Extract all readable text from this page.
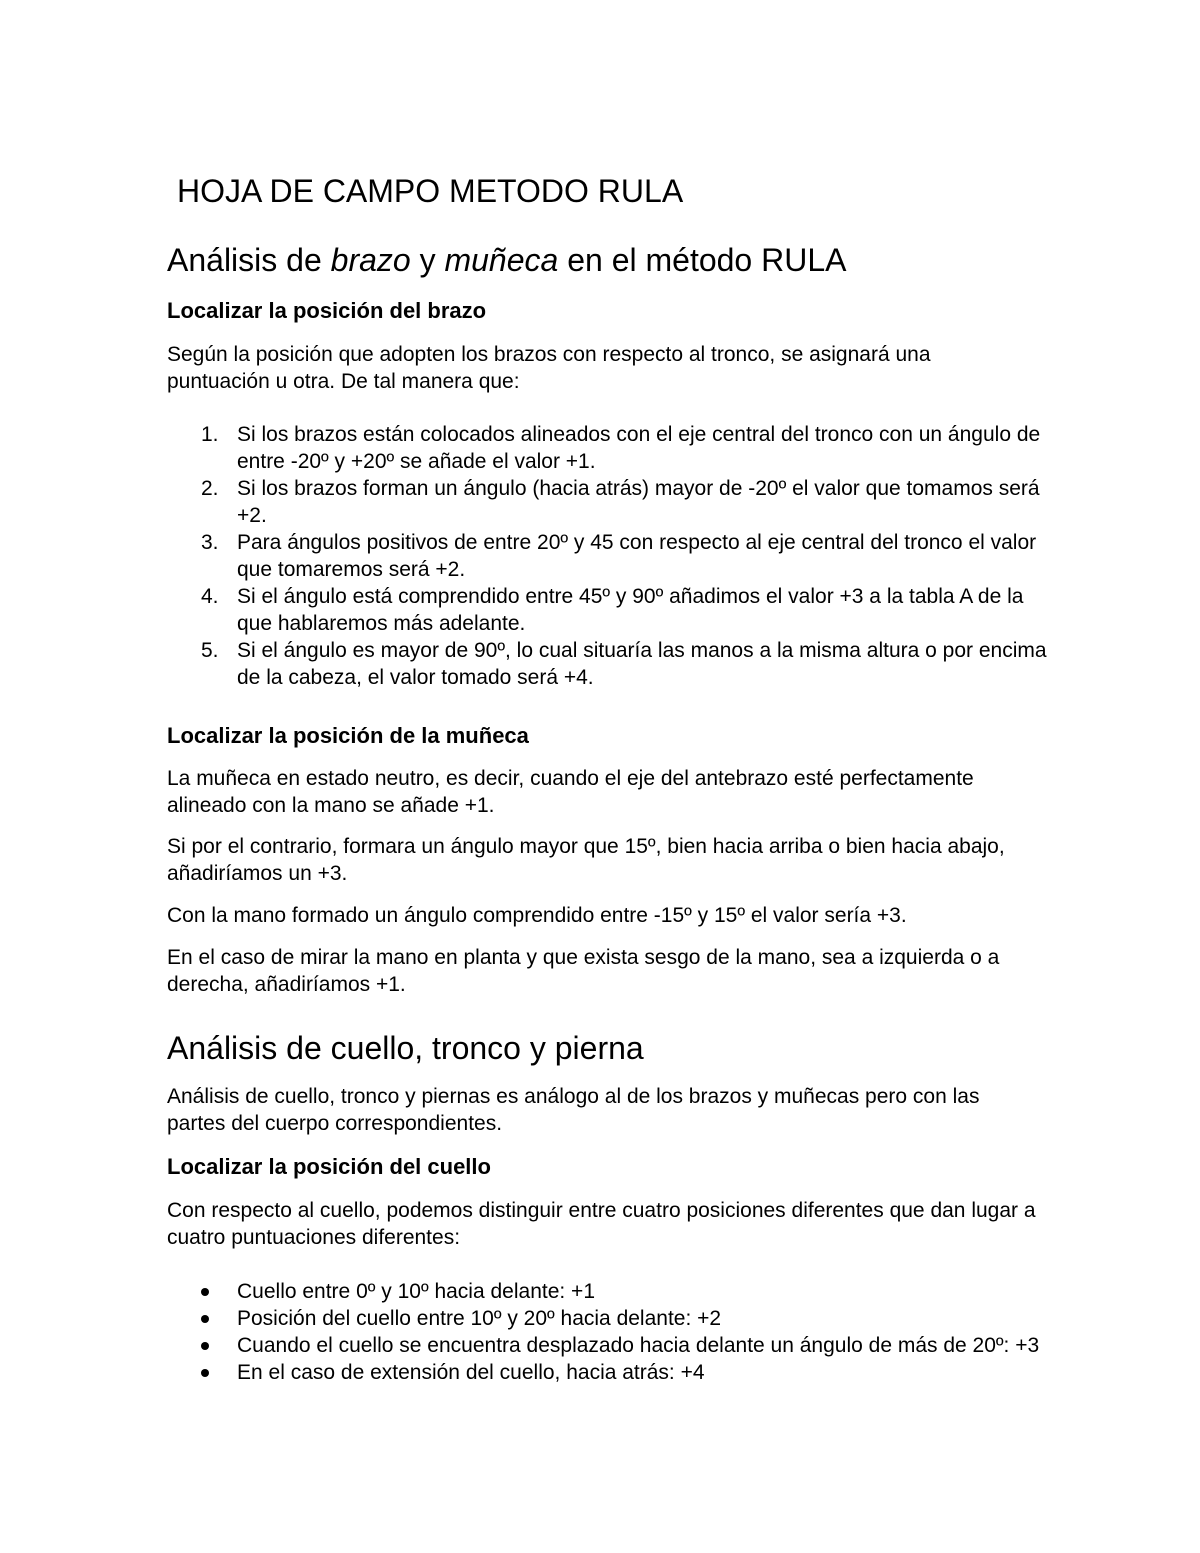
HOJA DE CAMPO METODO RULA
Análisis de brazo y muñeca en el método RULA
Localizar la posición del brazo

Según la posición que adopten los brazos con respecto al tronco, se asignará una puntuación u otra. De tal manera que:

1. Si los brazos están colocados alineados con el eje central del tronco con un ángulo de entre -20º y +20º se añade el valor +1.
2. Si los brazos forman un ángulo (hacia atrás) mayor de -20º el valor que tomamos será +2.
3. Para ángulos positivos de entre 20º y 45 con respecto al eje central del tronco el valor que tomaremos será +2.
4. Si el ángulo está comprendido entre 45º y 90º añadimos el valor +3 a la tabla A de la que hablaremos más adelante.
5. Si el ángulo es mayor de 90º, lo cual situaría las manos a la misma altura o por encima de la cabeza, el valor tomado será +4.
Localizar la posición de la muñeca

La muñeca en estado neutro, es decir, cuando el eje del antebrazo esté perfectamente alineado con la mano se añade +1.

Si por el contrario, formara un ángulo mayor que 15º, bien hacia arriba o bien hacia abajo, añadiríamos un +3.

Con la mano formado un ángulo comprendido entre -15º y 15º el valor sería +3.

En el caso de mirar la mano en planta y que exista sesgo de la mano, sea a izquierda o a derecha, añadiríamos +1.

Análisis de cuello, tronco y pierna

Análisis de cuello, tronco y piernas es análogo al de los brazos y muñecas pero con las partes del cuerpo correspondientes.

Localizar la posición del cuello

Con respecto al cuello, podemos distinguir entre cuatro posiciones diferentes que dan lugar a cuatro puntuaciones diferentes:

Cuello entre 0º y 10º hacia delante: +1
Posición del cuello entre 10º y 20º hacia delante: +2
Cuando el cuello se encuentra desplazado hacia delante un ángulo de más de 20º: +3
En el caso de extensión del cuello, hacia atrás: +4
